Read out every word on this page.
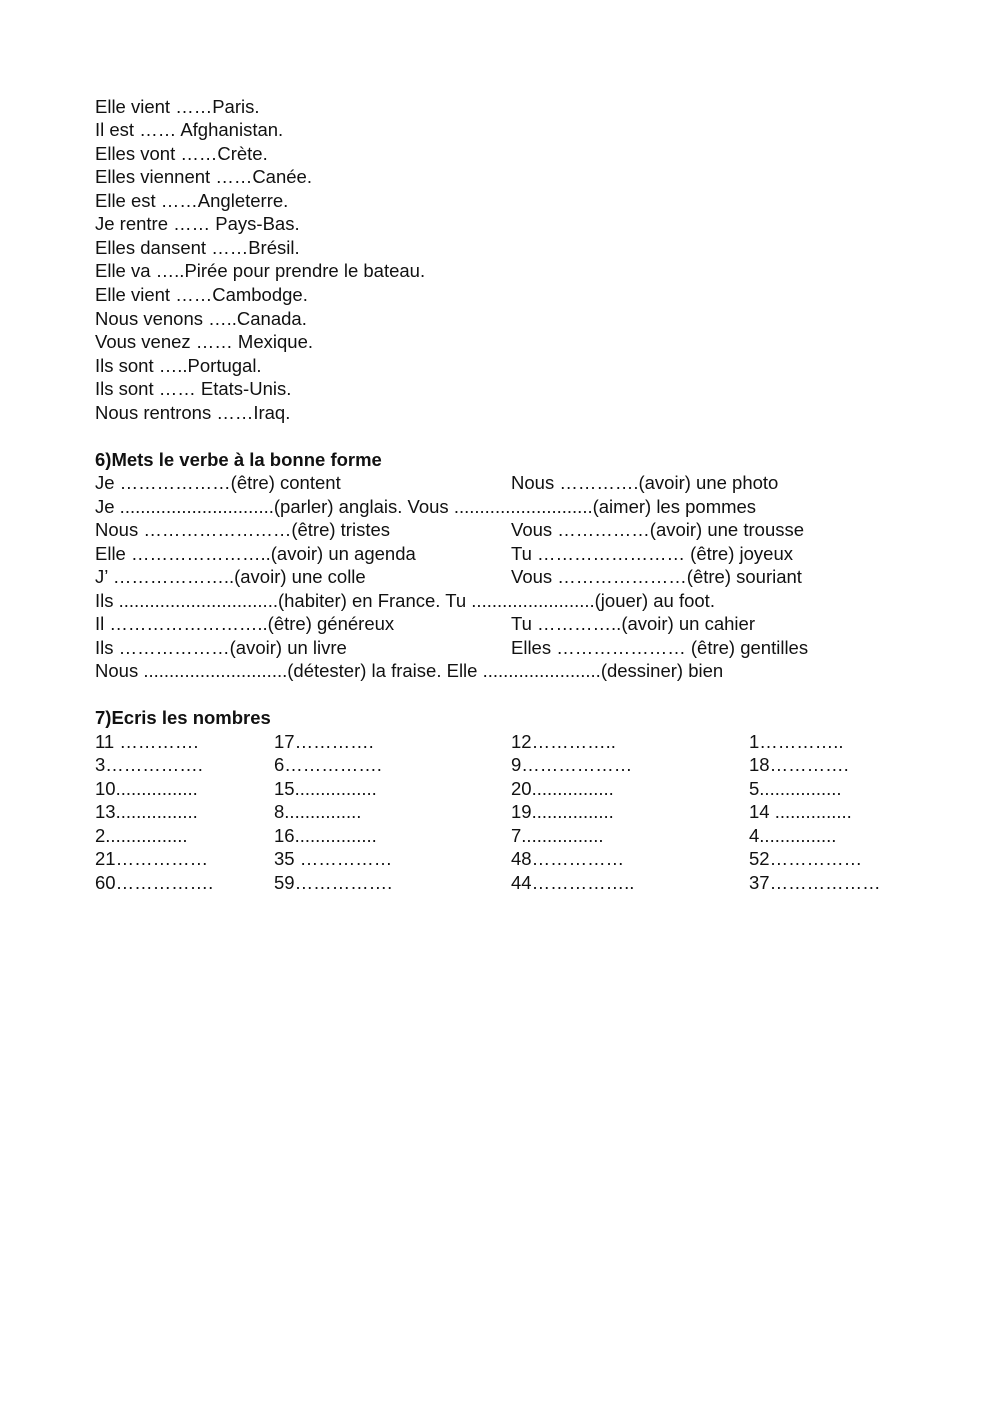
Elle vient ……Paris.
Il est …… Afghanistan.
Elles vont ……Crète.
Elles viennent ……Canée.
Elle est ……Angleterre.
Je rentre …… Pays-Bas.
Elles dansent ……Brésil.
Elle va …..Pirée pour prendre le bateau.
Elle vient ……Cambodge.
Nous venons …..Canada.
Vous venez …… Mexique.
Ils sont …..Portugal.
Ils sont …… Etats-Unis.
Nous rentrons ……Iraq.
6)Mets le verbe à la bonne forme
Je ………………(être) content	Nous ………….(avoir) une photo
Je ..............................(parler) anglais. Vous ...........................(aimer) les pommes
Nous ……………………(être) tristes	Vous ……………(avoir) une trousse
Elle …………………..(avoir) un agenda	Tu …………………… (être) joyeux
J’ ………………..(avoir) une colle	Vous …………………(être) souriant
Ils ...............................(habiter) en France. Tu ........................(jouer) au foot.
Il ……………………..(être) généreux	Tu …………..(avoir) un cahier
Ils ………………(avoir) un livre	Elles ………………… (être) gentilles
Nous ............................(détester) la fraise. Elle .......................(dessiner) bien
7)Ecris les nombres
11 ………….	17………….	12…………..	1…………..
3…………….	6…………….	9………………	18………….
10................	15................	20................	5................
13................	8...............	19................	14 ...............
2................	16................	7................	4...............
21……………	35 ……………	48……………	52……………
60…………….	59…………….	44……………..	37………………
